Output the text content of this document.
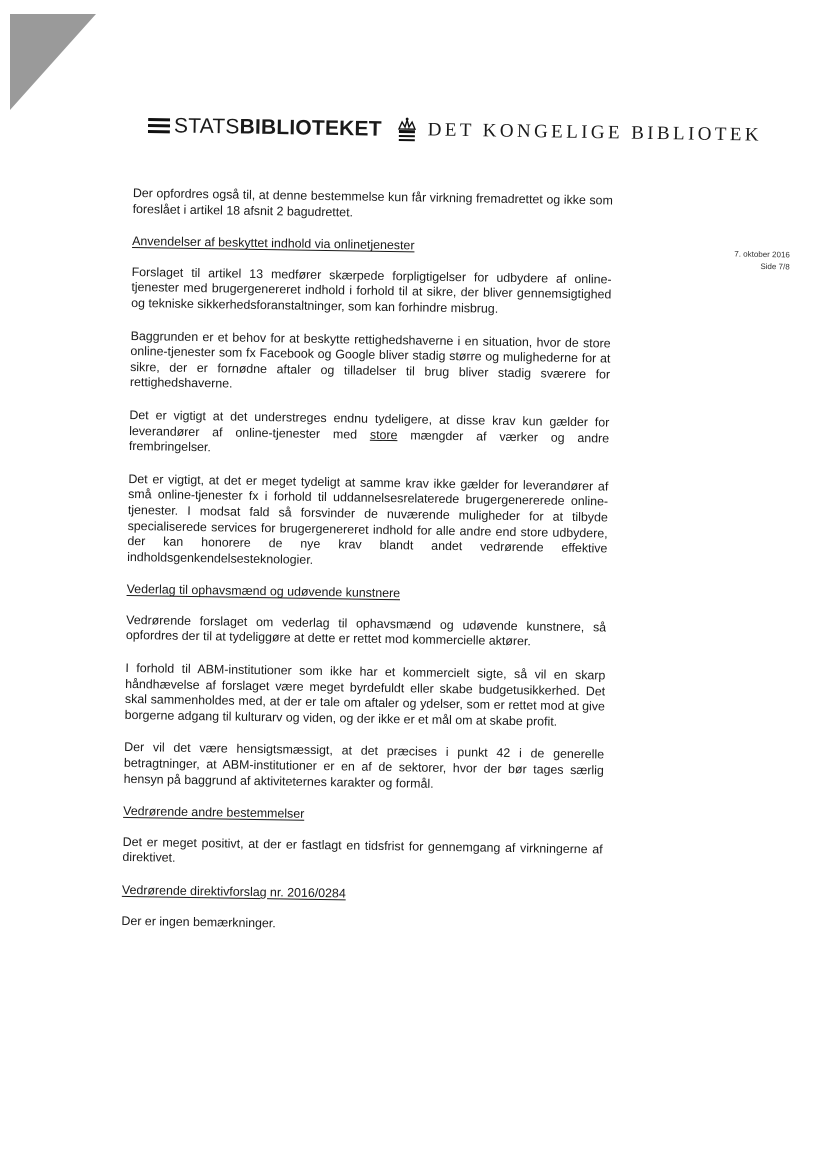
STATSBIBLIOTEKET DET KONGELIGE BIBLIOTEK
7. oktober 2016
Side 7/8

Der opfordres også til, at denne bestemmelse kun får virkning fremadrettet og ikke som foreslået i artikel 18 afsnit 2 bagudrettet.

Anvendelser af beskyttet indhold via onlinetjenester

Forslaget til artikel 13 medfører skærpede forpligtigelser for udbydere af online-tjenester med brugergenereret indhold i forhold til at sikre, der bliver gennemsigtighed og tekniske sikkerhedsforanstaltninger, som kan forhindre misbrug.

Baggrunden er et behov for at beskytte rettighedshaverne i en situation, hvor de store online-tjenester som fx Facebook og Google bliver stadig større og mulighederne for at sikre, der er fornødne aftaler og tilladelser til brug bliver stadig sværere for rettighedshaverne.

Det er vigtigt at det understreges endnu tydeligere, at disse krav kun gælder for leverandører af online-tjenester med store mængder af værker og andre frembringelser.

Det er vigtigt, at det er meget tydeligt at samme krav ikke gælder for leverandører af små online-tjenester fx i forhold til uddannelsesrelaterede brugergenererede online-tjenester. I modsat fald så forsvinder de nuværende muligheder for at tilbyde specialiserede services for brugergenereret indhold for alle andre end store udbydere, der kan honorere de nye krav blandt andet vedrørende effektive indholdsgenkendelsesteknologier.

Vederlag til ophavsmænd og udøvende kunstnere

Vedrørende forslaget om vederlag til ophavsmænd og udøvende kunstnere, så opfordres der til at tydeliggøre at dette er rettet mod kommercielle aktører.

I forhold til ABM-institutioner som ikke har et kommercielt sigte, så vil en skarp håndhævelse af forslaget være meget byrdefuldt eller skabe budgetusikkerhed. Det skal sammenholdes med, at der er tale om aftaler og ydelser, som er rettet mod at give borgerne adgang til kulturarv og viden, og der ikke er et mål om at skabe profit.

Der vil det være hensigtsmæssigt, at det præcises i punkt 42 i de generelle betragtninger, at ABM-institutioner er en af de sektorer, hvor der bør tages særlig hensyn på baggrund af aktiviteternes karakter og formål.

Vedrørende andre bestemmelser

Det er meget positivt, at der er fastlagt en tidsfrist for gennemgang af virkningerne af direktivet.

Vedrørende direktivforslag nr. 2016/0284

Der er ingen bemærkninger.
